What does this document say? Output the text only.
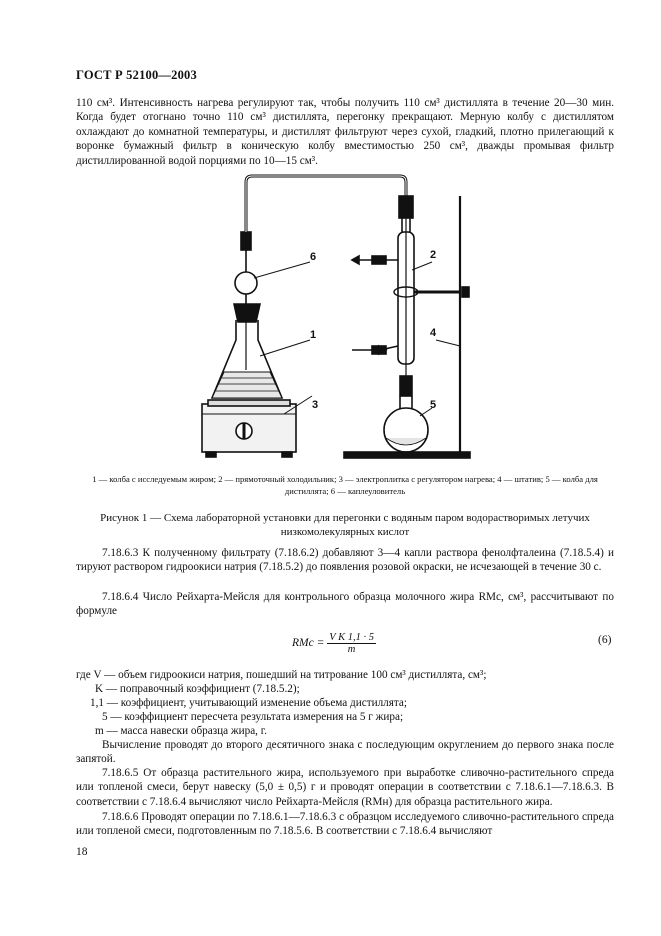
ГОСТ Р 52100—2003
110 см³. Интенсивность нагрева регулируют так, чтобы получить 110 см³ дистиллята в течение 20—30 мин. Когда будет отогнано точно 110 см³ дистиллята, перегонку прекращают. Мерную колбу с дистиллятом охлаждают до комнатной температуры, и дистиллят фильтруют через сухой, гладкий, плотно прилегающий к воронке бумажный фильтр в коническую колбу вместимостью 250 см³, дважды промывая фильтр дистиллированной водой порциями по 10—15 см³.
6
1
3
2
4
5
1 — колба с исследуемым жиром; 2 — прямоточный холодильник; 3 — электроплитка с регулятором нагрева; 4 — штатив; 5 — колба для дистиллята; 6 — каплеуловитель
Рисунок 1 — Схема лабораторной установки для перегонки с водяным паром водорастворимых летучих низкомолекулярных кислот
7.18.6.3 К полученному фильтрату (7.18.6.2) добавляют 3—4 капли раствора фенолфталеина (7.18.5.4) и тируют раствором гидроокиси натрия (7.18.5.2) до появления розовой окраски, не исчезающей в течение 30 с.
7.18.6.4 Число Рейхарта-Мейсля для контрольного образца молочного жира RMс, см³, рассчитывают по формуле
RMс = $\frac{\text{V K 1,1 · 5}}{m}$	(6)
где V — объем гидроокиси натрия, пошедший на титрование 100 см³ дистиллята, см³;
K — поправочный коэффициент (7.18.5.2);
1,1 — коэффициент, учитывающий изменение объема дистиллята;
5 — коэффициент пересчета результата измерения на 5 г жира;
m — масса навески образца жира, г.
Вычисление проводят до второго десятичного знака с последующим округлением до первого знака после запятой.
7.18.6.5 От образца растительного жира, используемого при выработке сливочно-растительного спреда или топленой смеси, берут навеску (5,0 ± 0,5) г и проводят операции в соответствии с 7.18.6.1—7.18.6.3. В соответствии с 7.18.6.4 вычисляют число Рейхарта-Мейсля (RMн) для образца растительного жира.
7.18.6.6 Проводят операции по 7.18.6.1—7.18.6.3 с образцом исследуемого сливочно-растительного спреда или топленой смеси, подготовленным по 7.18.5.6. В соответствии с 7.18.6.4 вычисляют
18
